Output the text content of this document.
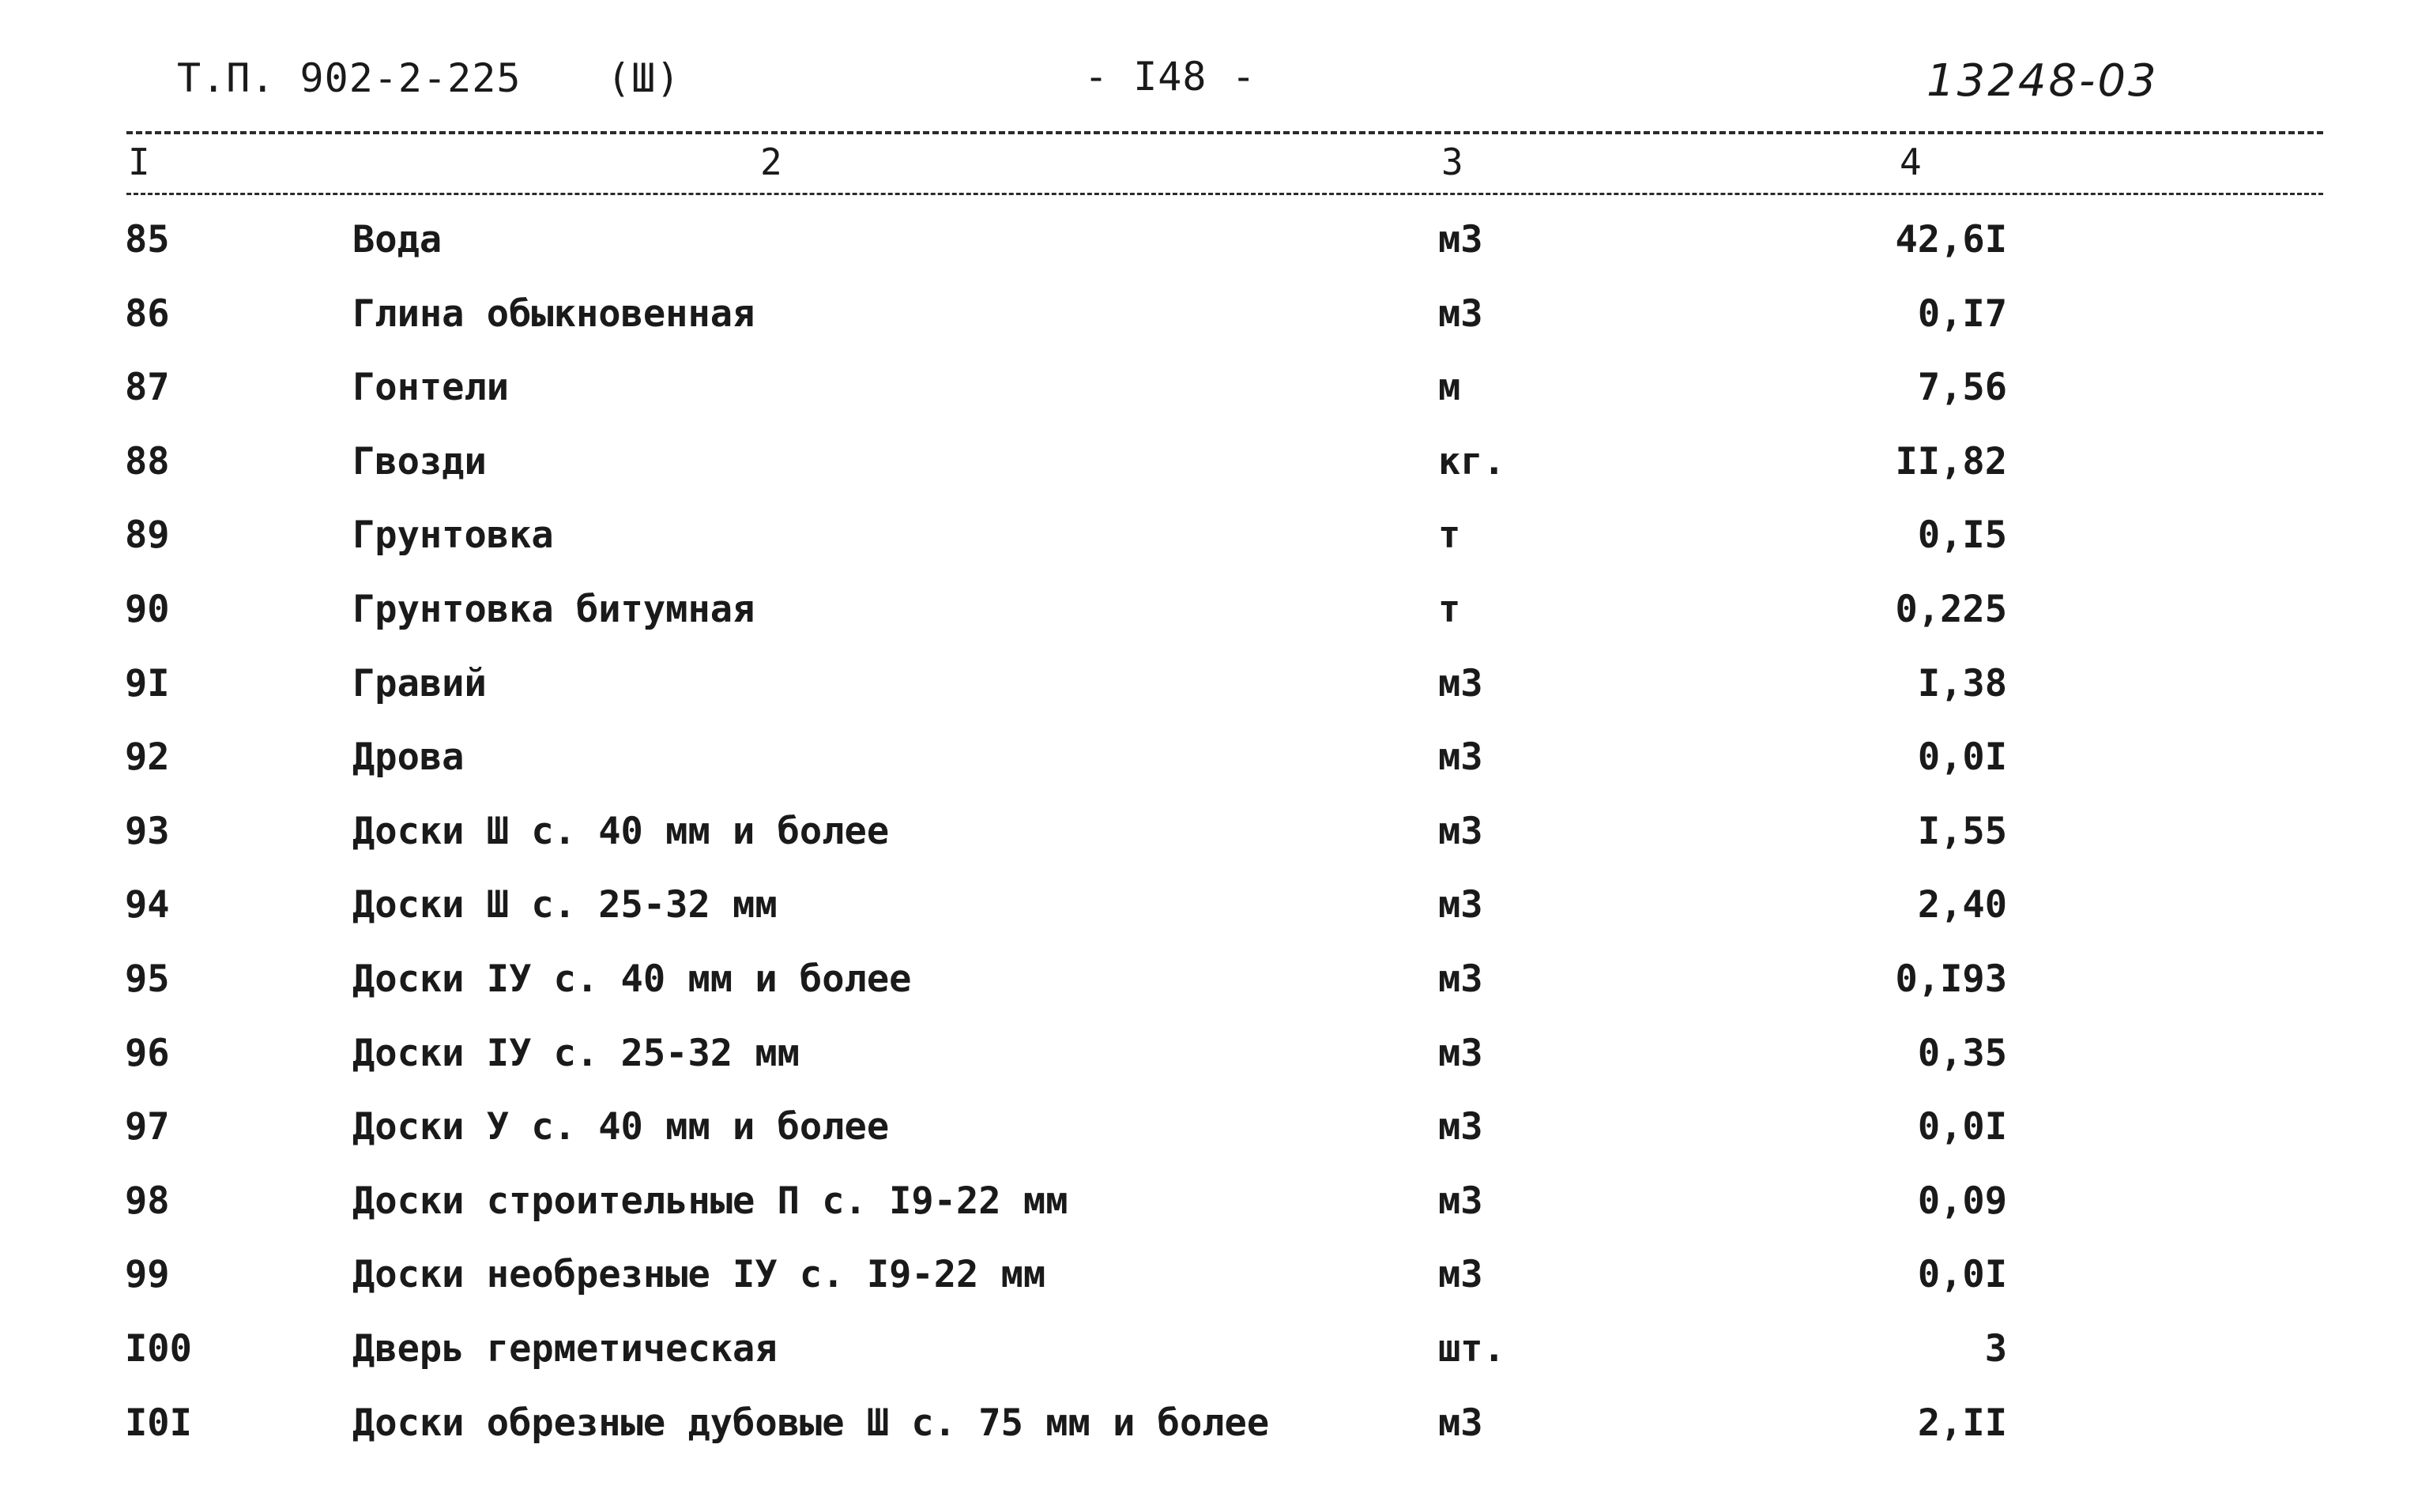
Т.П. 902-2-225 (Ш)	- I48 -	13248-03
I	2	3	4
85	Вода	м3	42,6I
86	Глина обыкновенная	м3	0,I7
87	Гонтели	м	7,56
88	Гвозди	кг.	II,82
89	Грунтовка	т	0,I5
90	Грунтовка битумная	т	0,225
9I	Гравий	м3	I,38
92	Дрова	м3	0,0I
93	Доски Ш с. 40 мм и более	м3	I,55
94	Доски Ш с. 25-32 мм	м3	2,40
95	Доски IУ с. 40 мм и более	м3	0,I93
96	Доски IУ с. 25-32 мм	м3	0,35
97	Доски У с. 40 мм и более	м3	0,0I
98	Доски строительные П с. I9-22 мм	м3	0,09
99	Доски необрезные IУ с. I9-22 мм	м3	0,0I
I00	Дверь герметическая	шт.	3
I0I	Доски обрезные дубовые Ш с. 75 мм и более	м3	2,II
